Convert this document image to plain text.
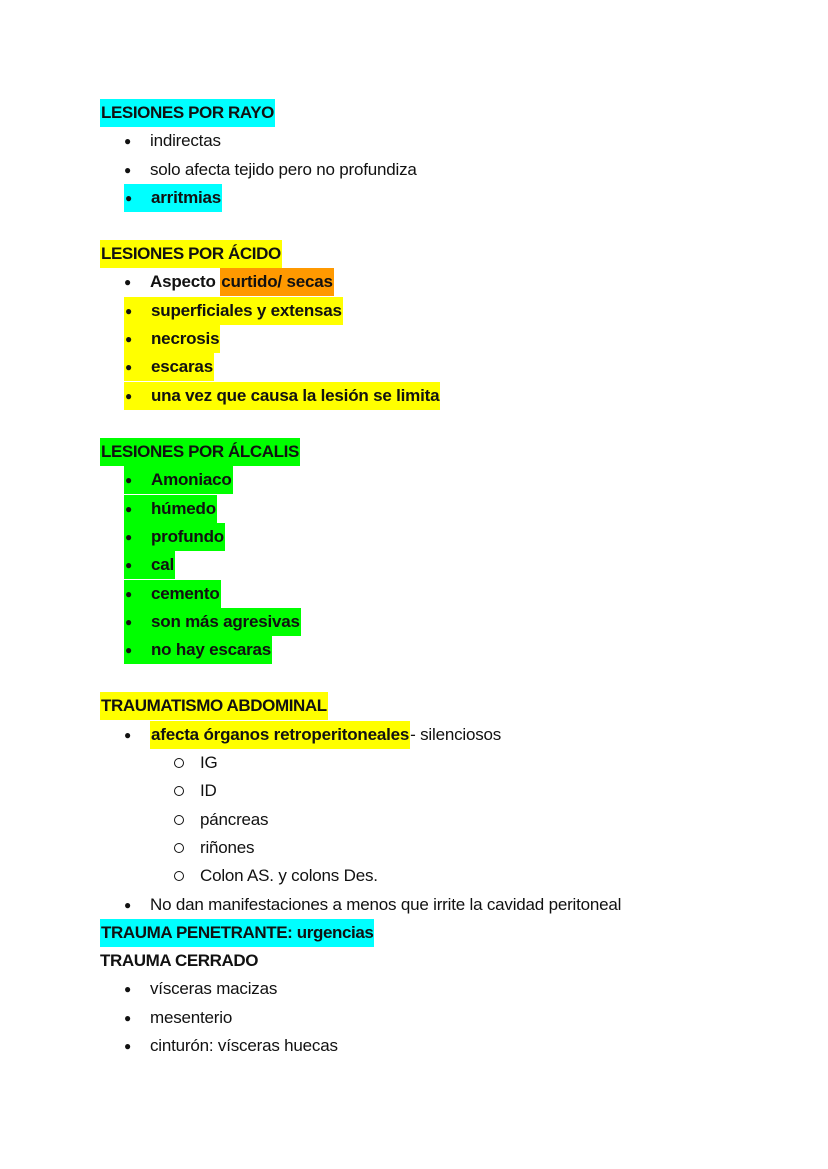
LESIONES POR RAYO
● indirectas
● solo afecta tejido pero no profundiza
● arritmias
LESIONES POR ÁCIDO
● Aspecto curtido/ secas
● superficiales y extensas
● necrosis
● escaras
● una vez que causa la lesión se limita
LESIONES POR ÁLCALIS
● Amoniaco
● húmedo
● profundo
● cal
● cemento
● son más agresivas
● no hay escaras
TRAUMATISMO ABDOMINAL
● afecta órganos retroperitoneales- silenciosos
IG
ID
páncreas
riñones
Colon AS. y colons Des.
● No dan manifestaciones a menos que irrite la cavidad peritoneal
TRAUMA PENETRANTE: urgencias
TRAUMA CERRADO
● vísceras macizas
● mesenterio
● cinturón: vísceras huecas
